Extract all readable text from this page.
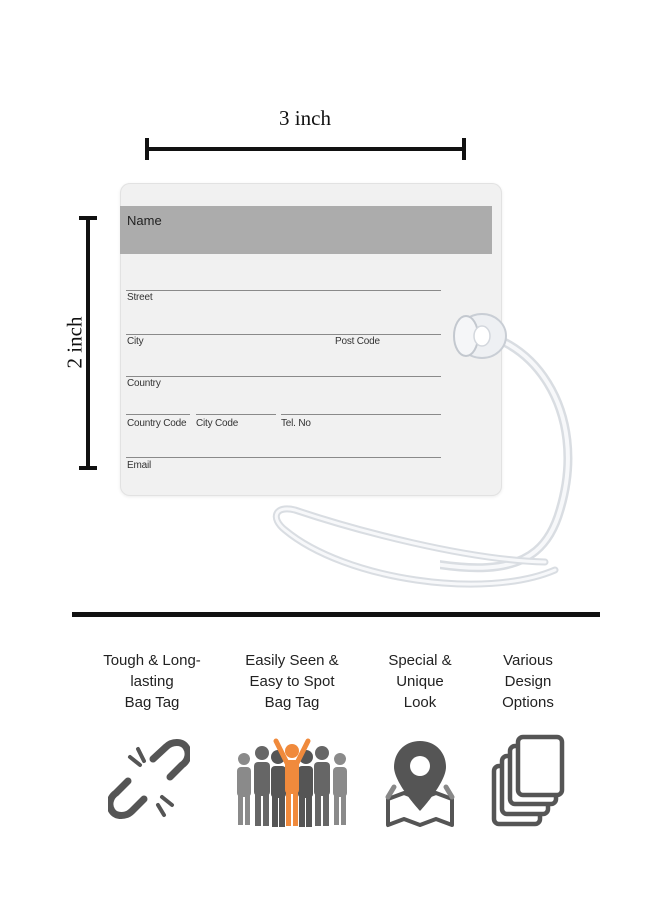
3 inch
2 inch
Name
Street
City	Post Code
Country
Country Code City Code	Tel. No
Email
Tough & Long-
lasting
Bag Tag
Easily Seen &
Easy to Spot
Bag Tag
Special &
Unique
Look
Various
Design
Options
